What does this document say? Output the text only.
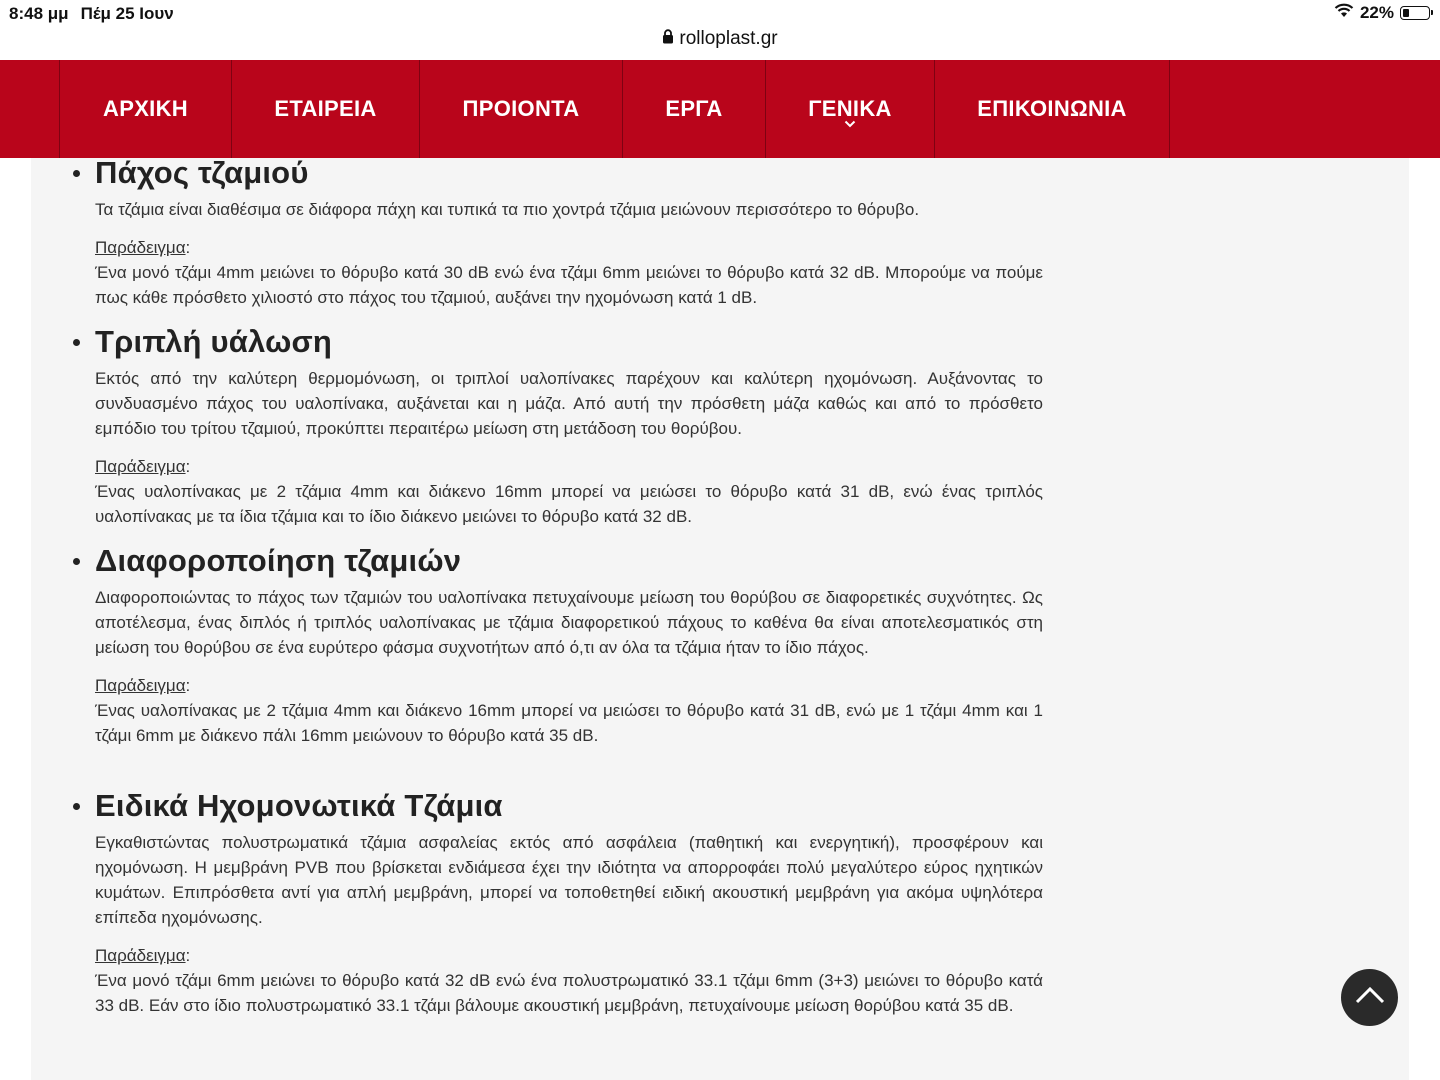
8:48 μμ Πέμ 25 Ιουν	22%
rolloplast.gr
ΑΡΧΙΚΗ	ΕΤΑΙΡΕΙΑ	ΠΡΟΙΟΝΤΑ	ΕΡΓΑ	ΓΕΝΙΚΑ	ΕΠΙΚΟΙΝΩΝΙΑ
Πάχος τζαμιού
Τα τζάμια είναι διαθέσιμα σε διάφορα πάχη και τυπικά τα πιο χοντρά τζάμια μειώνουν περισσότερο το θόρυβο.
Παράδειγμα:
Ένα μονό τζάμι 4mm μειώνει το θόρυβο κατά 30 dB ενώ ένα τζάμι 6mm μειώνει το θόρυβο κατά 32 dB. Μπορούμε να πούμε πως κάθε πρόσθετο χιλιοστό στο πάχος του τζαμιού, αυξάνει την ηχομόνωση κατά 1 dB.
Τριπλή υάλωση
Εκτός από την καλύτερη θερμομόνωση, οι τριπλοί υαλοπίνακες παρέχουν και καλύτερη ηχομόνωση. Αυξάνοντας το συνδυασμένο πάχος του υαλοπίνακα, αυξάνεται και η μάζα. Από αυτή την πρόσθετη μάζα καθώς και από το πρόσθετο εμπόδιο του τρίτου τζαμιού, προκύπτει περαιτέρω μείωση στη μετάδοση του θορύβου.
Παράδειγμα:
Ένας υαλοπίνακας με 2 τζάμια 4mm και διάκενο 16mm μπορεί να μειώσει το θόρυβο κατά 31 dB, ενώ ένας τριπλός υαλοπίνακας με τα ίδια τζάμια και το ίδιο διάκενο μειώνει το θόρυβο κατά 32 dB.
Διαφοροποίηση τζαμιών
Διαφοροποιώντας το πάχος των τζαμιών του υαλοπίνακα πετυχαίνουμε μείωση του θορύβου σε διαφορετικές συχνότητες. Ως αποτέλεσμα, ένας διπλός ή τριπλός υαλοπίνακας με τζάμια διαφορετικού πάχους το καθένα θα είναι αποτελεσματικός στη μείωση του θορύβου σε ένα ευρύτερο φάσμα συχνοτήτων από ό,τι αν όλα τα τζάμια ήταν το ίδιο πάχος.
Παράδειγμα:
Ένας υαλοπίνακας με 2 τζάμια 4mm και διάκενο 16mm μπορεί να μειώσει το θόρυβο κατά 31 dB, ενώ με 1 τζάμι 4mm και 1 τζάμι 6mm με διάκενο πάλι 16mm μειώνουν το θόρυβο κατά 35 dB.
Ειδικά Ηχομονωτικά Τζάμια
Εγκαθιστώντας πολυστρωματικά τζάμια ασφαλείας εκτός από ασφάλεια (παθητική και ενεργητική), προσφέρουν και ηχομόνωση. Η μεμβράνη PVB που βρίσκεται ενδιάμεσα έχει την ιδιότητα να απορροφάει πολύ μεγαλύτερο εύρος ηχητικών κυμάτων. Επιπρόσθετα αντί για απλή μεμβράνη, μπορεί να τοποθετηθεί ειδική ακουστική μεμβράνη για ακόμα υψηλότερα επίπεδα ηχομόνωσης.
Παράδειγμα:
Ένα μονό τζάμι 6mm μειώνει το θόρυβο κατά 32 dB ενώ ένα πολυστρωματικό 33.1 τζάμι 6mm (3+3) μειώνει το θόρυβο κατά 33 dB. Εάν στο ίδιο πολυστρωματικό 33.1 τζάμι βάλουμε ακουστική μεμβράνη, πετυχαίνουμε μείωση θορύβου κατά 35 dB.
